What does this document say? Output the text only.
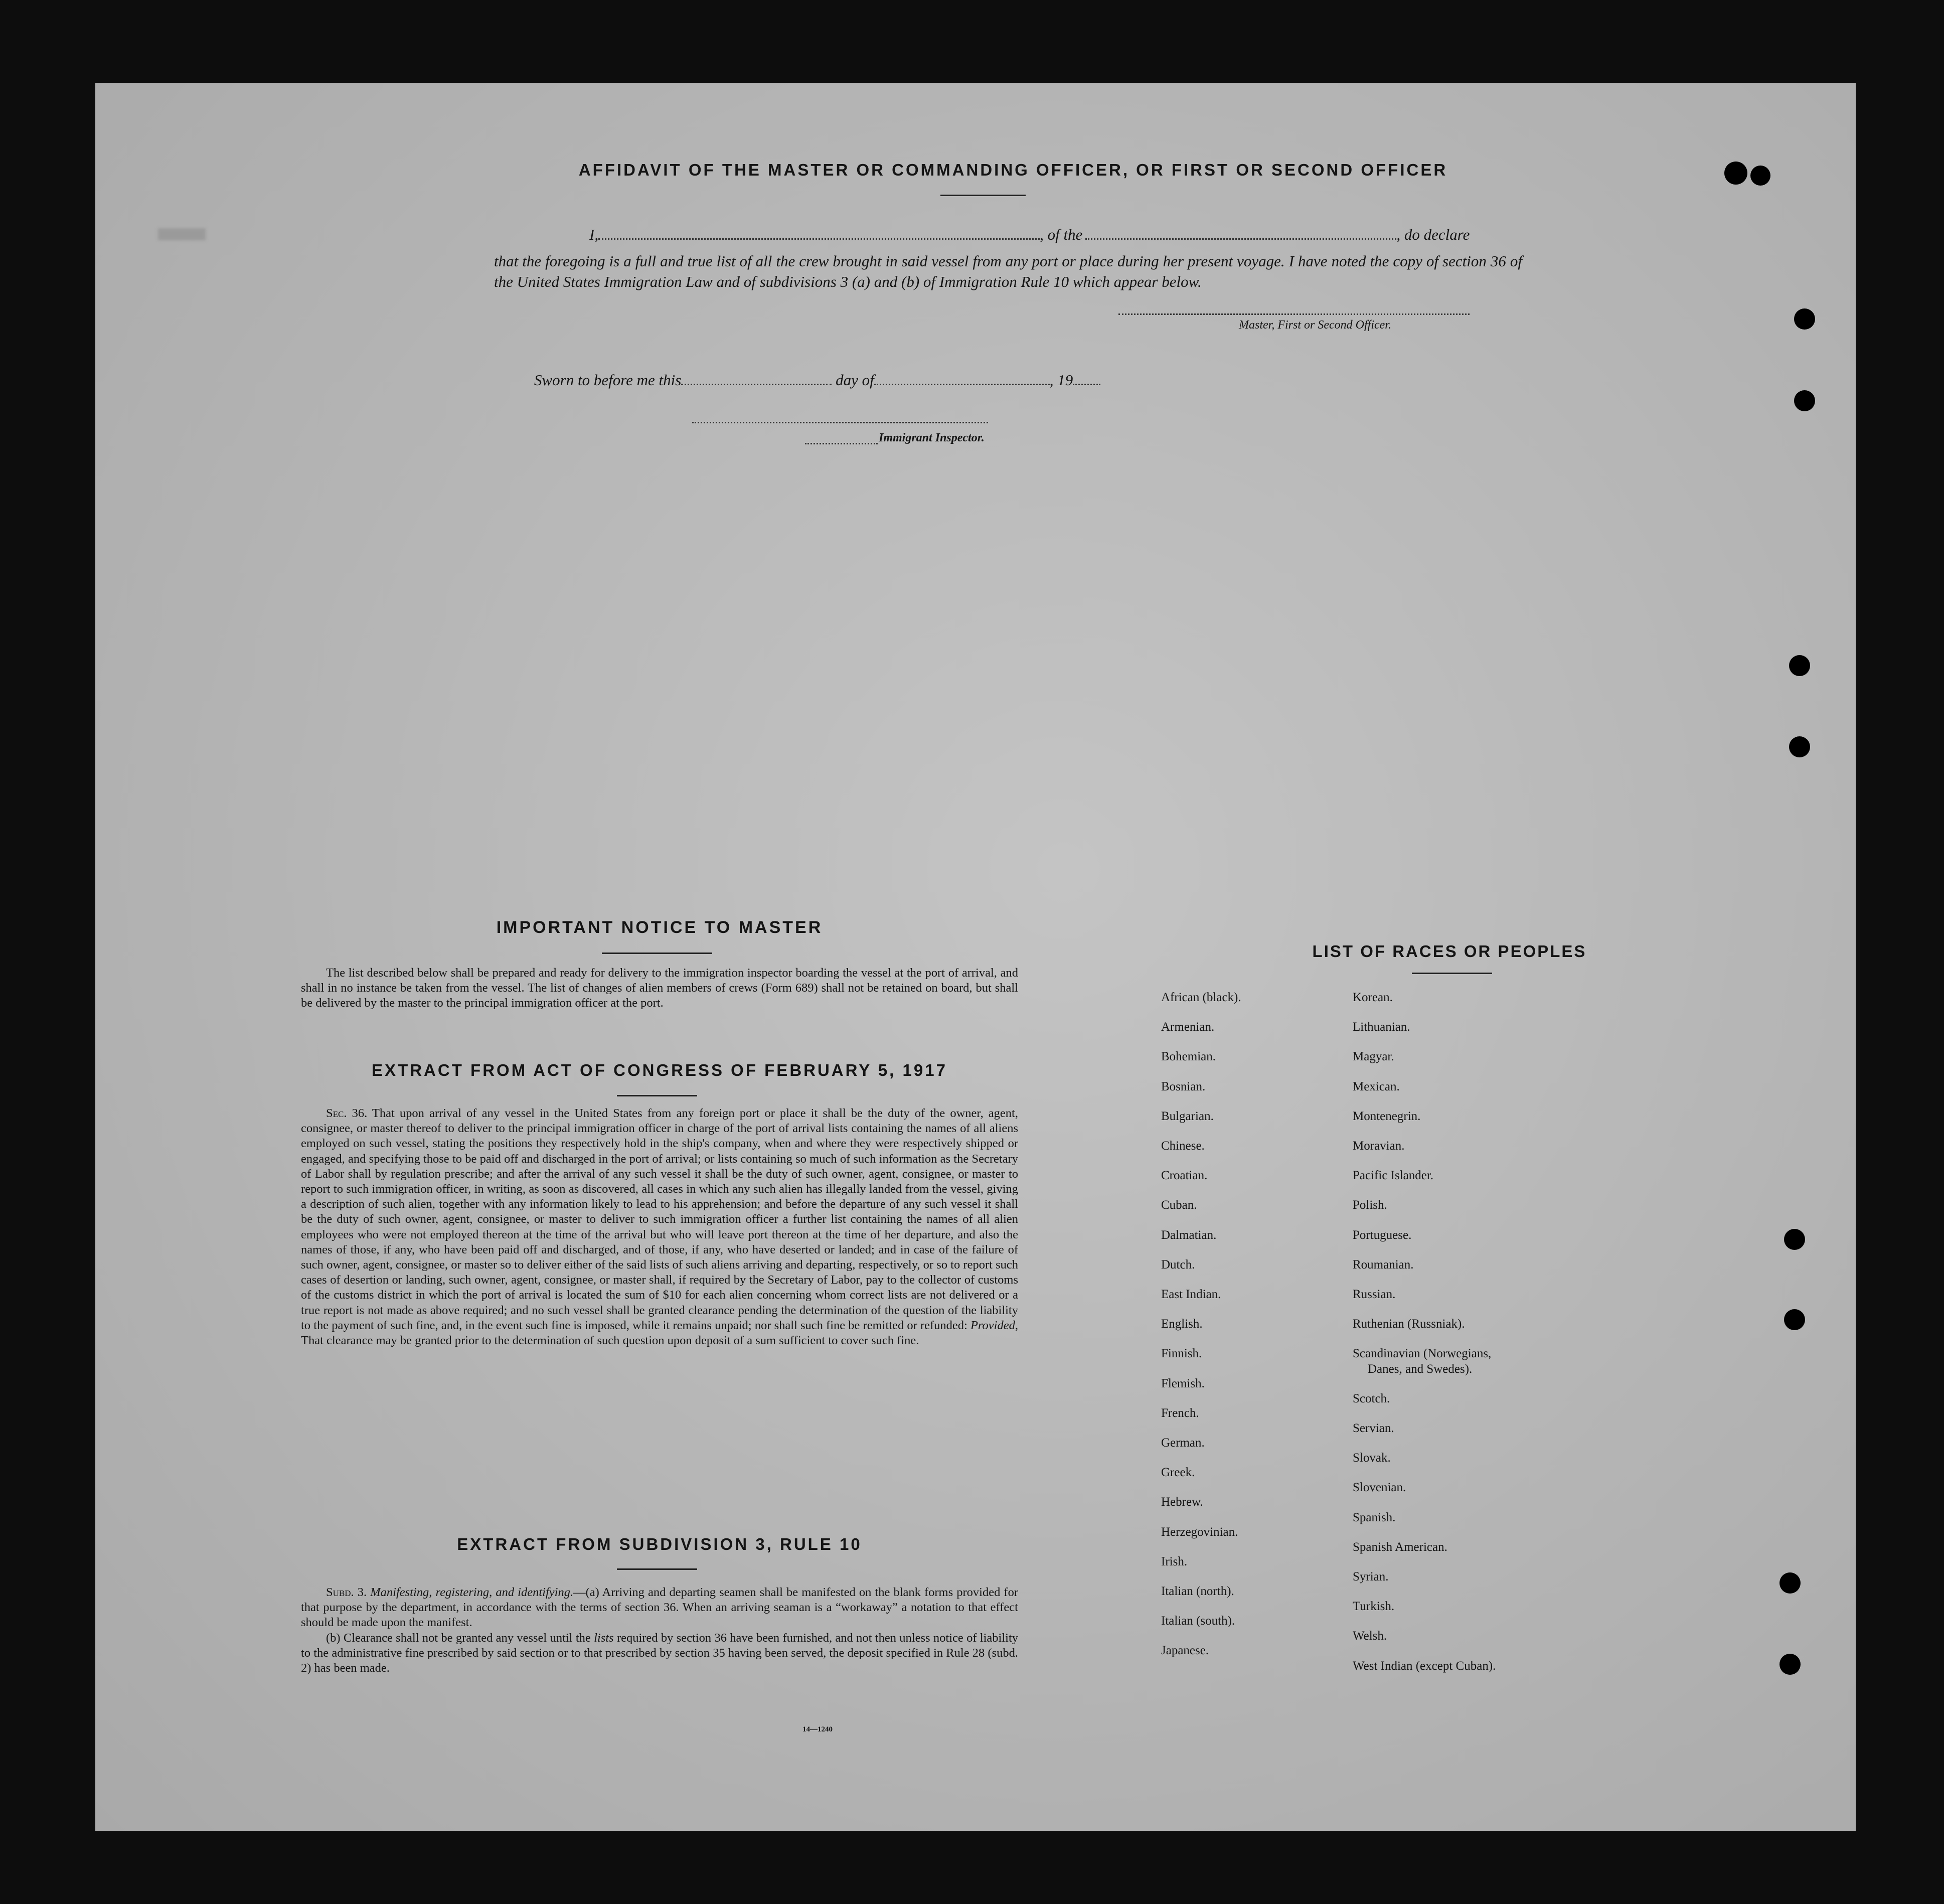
AFFIDAVIT OF THE MASTER OR COMMANDING OFFICER, OR FIRST OR SECOND OFFICER
I,	, of the	, do declare
that the foregoing is a full and true list of all the crew brought in said vessel from any port or place during her present voyage. I have noted the copy of section 36 of the United States Immigration Law and of subdivisions 3 (a) and (b) of Immigration Rule 10 which appear below.
Master, First or Second Officer.
Sworn to before me this	day of	, 19
Immigrant Inspector.
IMPORTANT NOTICE TO MASTER
The list described below shall be prepared and ready for delivery to the immigration inspector boarding the vessel at the port of arrival, and shall in no instance be taken from the vessel. The list of changes of alien members of crews (Form 689) shall not be retained on board, but shall be delivered by the master to the principal immigration officer at the port.
EXTRACT FROM ACT OF CONGRESS OF FEBRUARY 5, 1917
Sec. 36. That upon arrival of any vessel in the United States from any foreign port or place it shall be the duty of the owner, agent, consignee, or master thereof to deliver to the principal immigration officer in charge of the port of arrival lists containing the names of all aliens employed on such vessel, stating the positions they respectively hold in the ship's company, when and where they were respectively shipped or engaged, and specifying those to be paid off and discharged in the port of arrival; or lists containing so much of such information as the Secretary of Labor shall by regulation prescribe; and after the arrival of any such vessel it shall be the duty of such owner, agent, consignee, or master to report to such immigration officer, in writing, as soon as discovered, all cases in which any such alien has illegally landed from the vessel, giving a description of such alien, together with any information likely to lead to his apprehension; and before the departure of any such vessel it shall be the duty of such owner, agent, consignee, or master to deliver to such immigration officer a further list containing the names of all alien employees who were not employed thereon at the time of the arrival but who will leave port thereon at the time of her departure, and also the names of those, if any, who have been paid off and discharged, and of those, if any, who have deserted or landed; and in case of the failure of such owner, agent, consignee, or master so to deliver either of the said lists of such aliens arriving and departing, respectively, or so to report such cases of desertion or landing, such owner, agent, consignee, or master shall, if required by the Secretary of Labor, pay to the collector of customs of the customs district in which the port of arrival is located the sum of $10 for each alien concerning whom correct lists are not delivered or a true report is not made as above required; and no such vessel shall be granted clearance pending the determination of the question of the liability to the payment of such fine, and, in the event such fine is imposed, while it remains unpaid; nor shall such fine be remitted or refunded: Provided, That clearance may be granted prior to the determination of such question upon deposit of a sum sufficient to cover such fine.
EXTRACT FROM SUBDIVISION 3, RULE 10
Subd. 3. Manifesting, registering, and identifying.—(a) Arriving and departing seamen shall be manifested on the blank forms provided for that purpose by the department, in accordance with the terms of section 36. When an arriving seaman is a “workaway” a notation to that effect should be made upon the manifest.
(b) Clearance shall not be granted any vessel until the lists required by section 36 have been furnished, and not then unless notice of liability to the administrative fine prescribed by said section or to that prescribed by section 35 having been served, the deposit specified in Rule 28 (subd. 2) has been made.
14—1240
LIST OF RACES OR PEOPLES
African (black).
Armenian.
Bohemian.
Bosnian.
Bulgarian.
Chinese.
Croatian.
Cuban.
Dalmatian.
Dutch.
East Indian.
English.
Finnish.
Flemish.
French.
German.
Greek.
Hebrew.
Herzegovinian.
Irish.
Italian (north).
Italian (south).
Japanese.
Korean.
Lithuanian.
Magyar.
Mexican.
Montenegrin.
Moravian.
Pacific Islander.
Polish.
Portuguese.
Roumanian.
Russian.
Ruthenian (Russniak).
Scandinavian (Norwegians,
Danes, and Swedes).
Scotch.
Servian.
Slovak.
Slovenian.
Spanish.
Spanish American.
Syrian.
Turkish.
Welsh.
West Indian (except Cuban).
